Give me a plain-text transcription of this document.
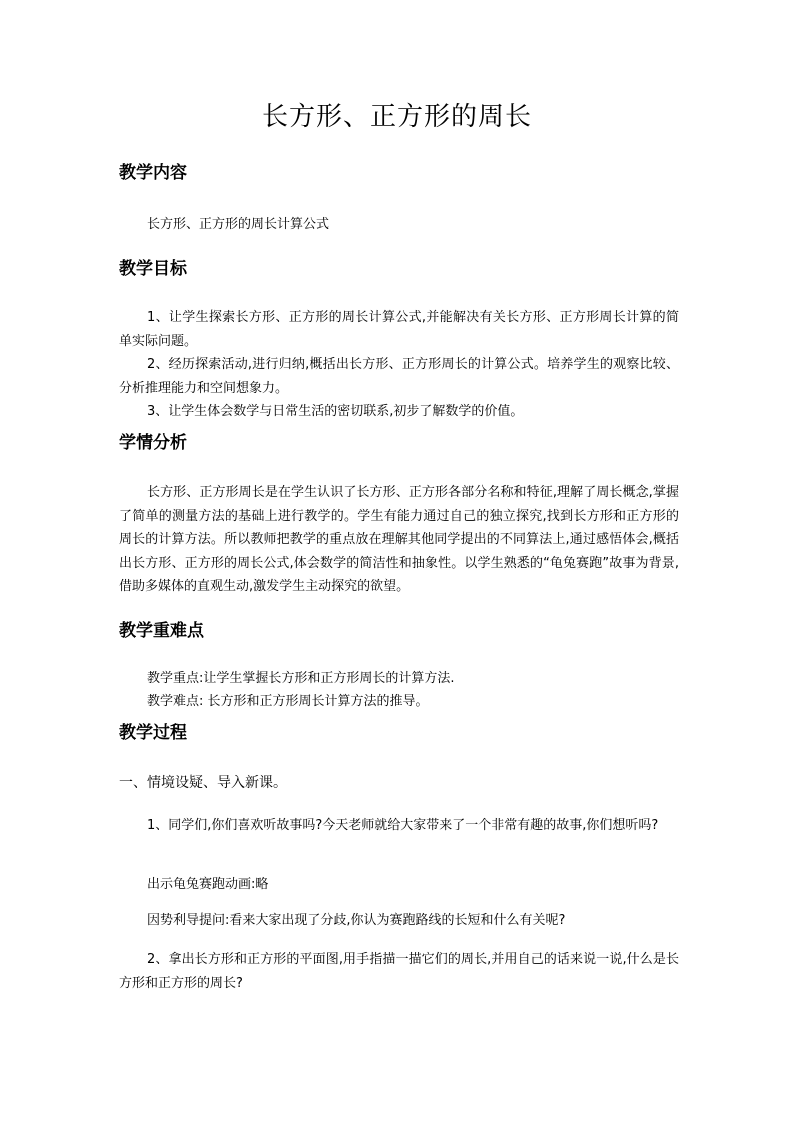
长方形、正方形的周长
教学内容

长方形、正方形的周长计算公式

教学目标

1、让学生探索长方形、正方形的周长计算公式,并能解决有关长方形、正方形周长计算的简单实际问题。

2、经历探索活动,进行归纳,概括出长方形、正方形周长的计算公式。培养学生的观察比较、分析推理能力和空间想象力。

3、让学生体会数学与日常生活的密切联系,初步了解数学的价值。

学情分析

长方形、正方形周长是在学生认识了长方形、正方形各部分名称和特征,理解了周长概念,掌握了简单的测量方法的基础上进行教学的。学生有能力通过自己的独立探究,找到长方形和正方形的周长的计算方法。所以教师把教学的重点放在理解其他同学提出的不同算法上,通过感悟体会,概括出长方形、正方形的周长公式,体会数学的简洁性和抽象性。以学生熟悉的“龟兔赛跑”故事为背景,借助多媒体的直观生动,激发学生主动探究的欲望。

教学重难点

教学重点:让学生掌握长方形和正方形周长的计算方法.

教学难点: 长方形和正方形周长计算方法的推导。

教学过程

一、情境设疑、导入新课。

1、同学们,你们喜欢听故事吗?今天老师就给大家带来了一个非常有趣的故事,你们想听吗?

出示龟兔赛跑动画:略

因势利导提问:看来大家出现了分歧,你认为赛跑路线的长短和什么有关呢?

2、拿出长方形和正方形的平面图,用手指描一描它们的周长,并用自己的话来说一说,什么是长方形和正方形的周长?
